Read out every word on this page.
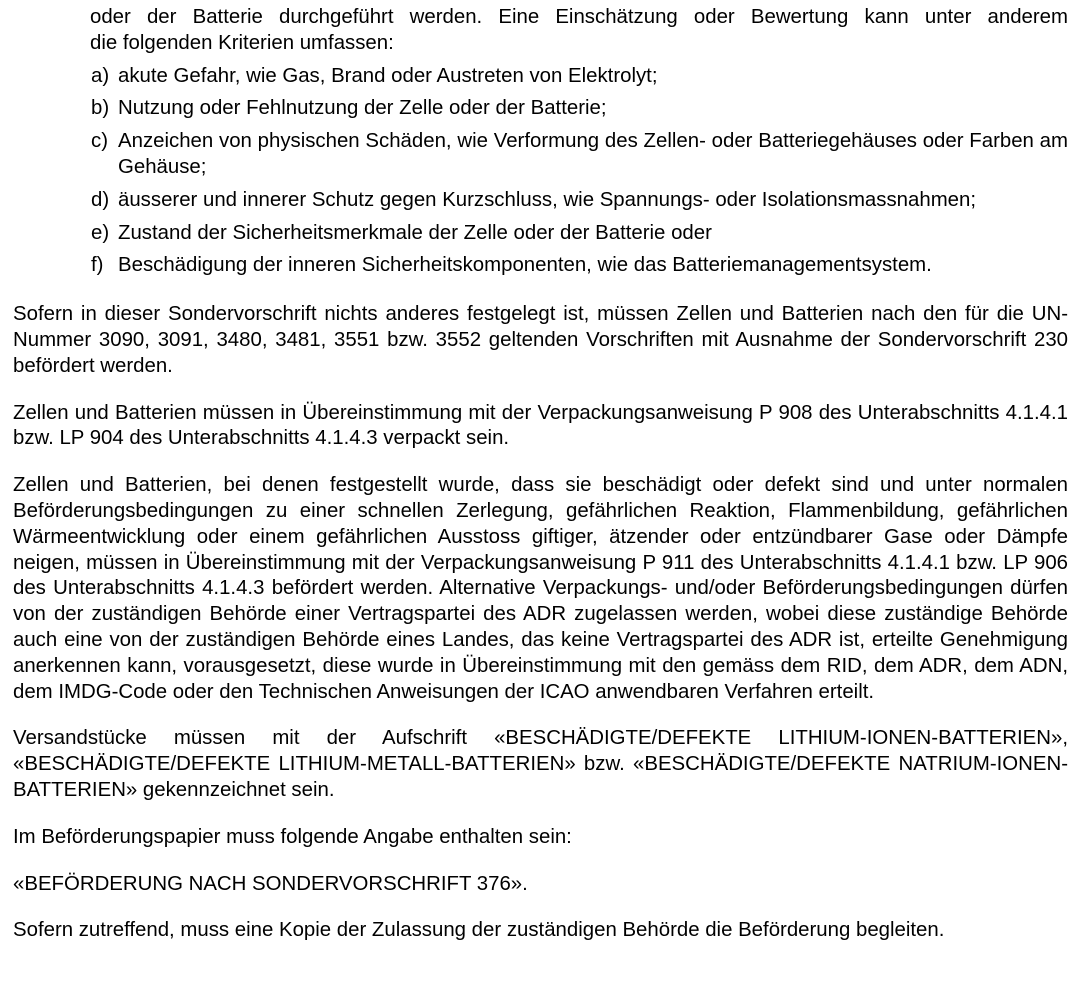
oder der Batterie durchgeführt werden. Eine Einschätzung oder Bewertung kann unter anderem
die folgenden Kriterien umfassen:

a) akute Gefahr, wie Gas, Brand oder Austreten von Elektrolyt;
b) Nutzung oder Fehlnutzung der Zelle oder der Batterie;
c) Anzeichen von physischen Schäden, wie Verformung des Zellen- oder Batteriegehäuses oder Farben am Gehäuse;
d) äusserer und innerer Schutz gegen Kurzschluss, wie Spannungs- oder Isolationsmassnahmen;
e) Zustand der Sicherheitsmerkmale der Zelle oder der Batterie oder
f) Beschädigung der inneren Sicherheitskomponenten, wie das Batteriemanagementsystem.

Sofern in dieser Sondervorschrift nichts anderes festgelegt ist, müssen Zellen und Batterien nach den für die UN-Nummer 3090, 3091, 3480, 3481, 3551 bzw. 3552 geltenden Vorschriften mit Ausnahme der Sondervorschrift 230 befördert werden.

Zellen und Batterien müssen in Übereinstimmung mit der Verpackungsanweisung P 908 des Unterabschnitts 4.1.4.1 bzw. LP 904 des Unterabschnitts 4.1.4.3 verpackt sein.

Zellen und Batterien, bei denen festgestellt wurde, dass sie beschädigt oder defekt sind und unter normalen Beförderungsbedingungen zu einer schnellen Zerlegung, gefährlichen Reaktion, Flammenbildung, gefährlichen Wärmeentwicklung oder einem gefährlichen Ausstoss giftiger, ätzender oder entzündbarer Gase oder Dämpfe neigen, müssen in Übereinstimmung mit der Verpackungsanweisung P 911 des Unterabschnitts 4.1.4.1 bzw. LP 906 des Unterabschnitts 4.1.4.3 befördert werden. Alternative Verpackungs- und/oder Beförderungsbedingungen dürfen von der zuständigen Behörde einer Vertragspartei des ADR zugelassen werden, wobei diese zuständige Behörde auch eine von der zuständigen Behörde eines Landes, das keine Vertragspartei des ADR ist, erteilte Genehmigung anerkennen kann, vorausgesetzt, diese wurde in Übereinstimmung mit den gemäss dem RID, dem ADR, dem ADN, dem IMDG-Code oder den Technischen Anweisungen der ICAO anwendbaren Verfahren erteilt.

Versandstücke müssen mit der Aufschrift «BESCHÄDIGTE/DEFEKTE LITHIUM-IONEN-BATTERIEN», «BESCHÄDIGTE/DEFEKTE LITHIUM-METALL-BATTERIEN» bzw. «BESCHÄDIGTE/DEFEKTE NATRIUM-IONEN-BATTERIEN» gekennzeichnet sein.

Im Beförderungspapier muss folgende Angabe enthalten sein:

«BEFÖRDERUNG NACH SONDERVORSCHRIFT 376».

Sofern zutreffend, muss eine Kopie der Zulassung der zuständigen Behörde die Beförderung begleiten.
